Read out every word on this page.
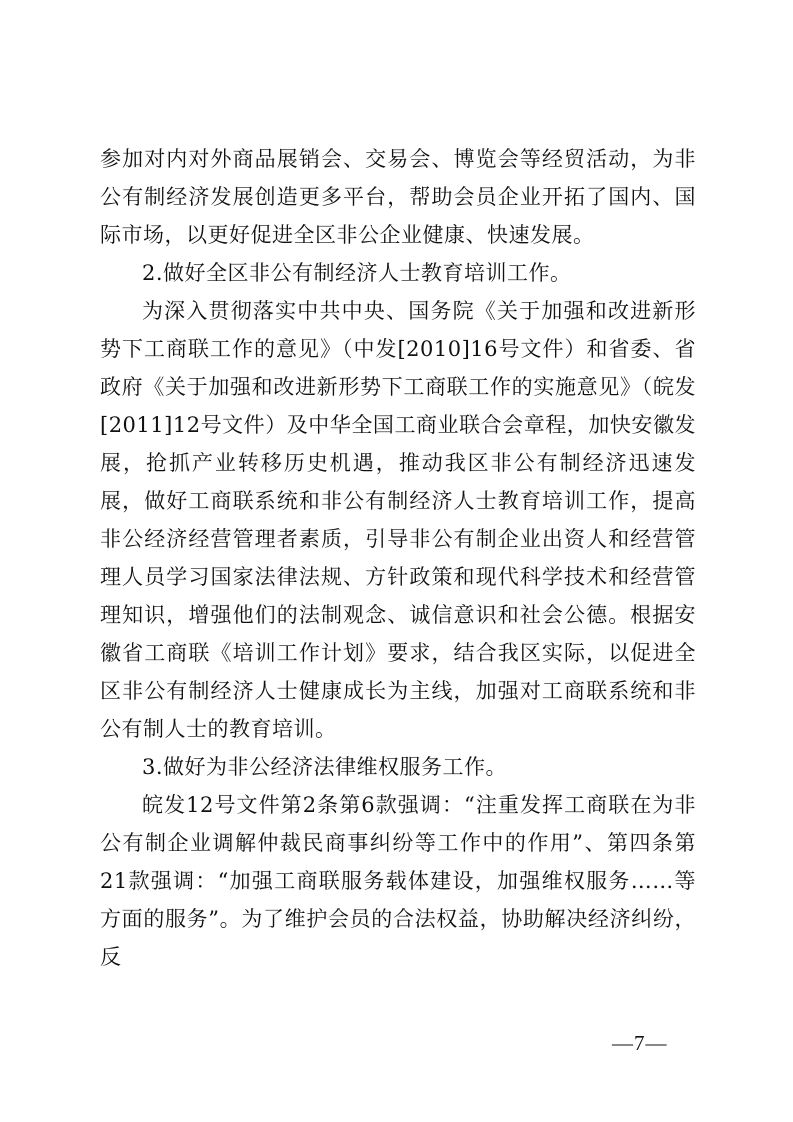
参加对内对外商品展销会、交易会、博览会等经贸活动，为非公有制经济发展创造更多平台，帮助会员企业开拓了国内、国际市场，以更好促进全区非公企业健康、快速发展。

2.做好全区非公有制经济人士教育培训工作。

为深入贯彻落实中共中央、国务院《关于加强和改进新形势下工商联工作的意见》（中发[2010]16号文件）和省委、省政府《关于加强和改进新形势下工商联工作的实施意见》（皖发[2011]12号文件）及中华全国工商业联合会章程，加快安徽发展，抢抓产业转移历史机遇，推动我区非公有制经济迅速发展，做好工商联系统和非公有制经济人士教育培训工作，提高非公经济经营管理者素质，引导非公有制企业出资人和经营管理人员学习国家法律法规、方针政策和现代科学技术和经营管理知识，增强他们的法制观念、诚信意识和社会公德。根据安徽省工商联《培训工作计划》要求，结合我区实际，以促进全区非公有制经济人士健康成长为主线，加强对工商联系统和非公有制人士的教育培训。

3.做好为非公经济法律维权服务工作。

皖发12号文件第2条第6款强调：“注重发挥工商联在为非公有制企业调解仲裁民商事纠纷等工作中的作用”、第四条第21款强调：“加强工商联服务载体建设，加强维权服务……等方面的服务”。为了维护会员的合法权益，协助解决经济纠纷，反

—7—
